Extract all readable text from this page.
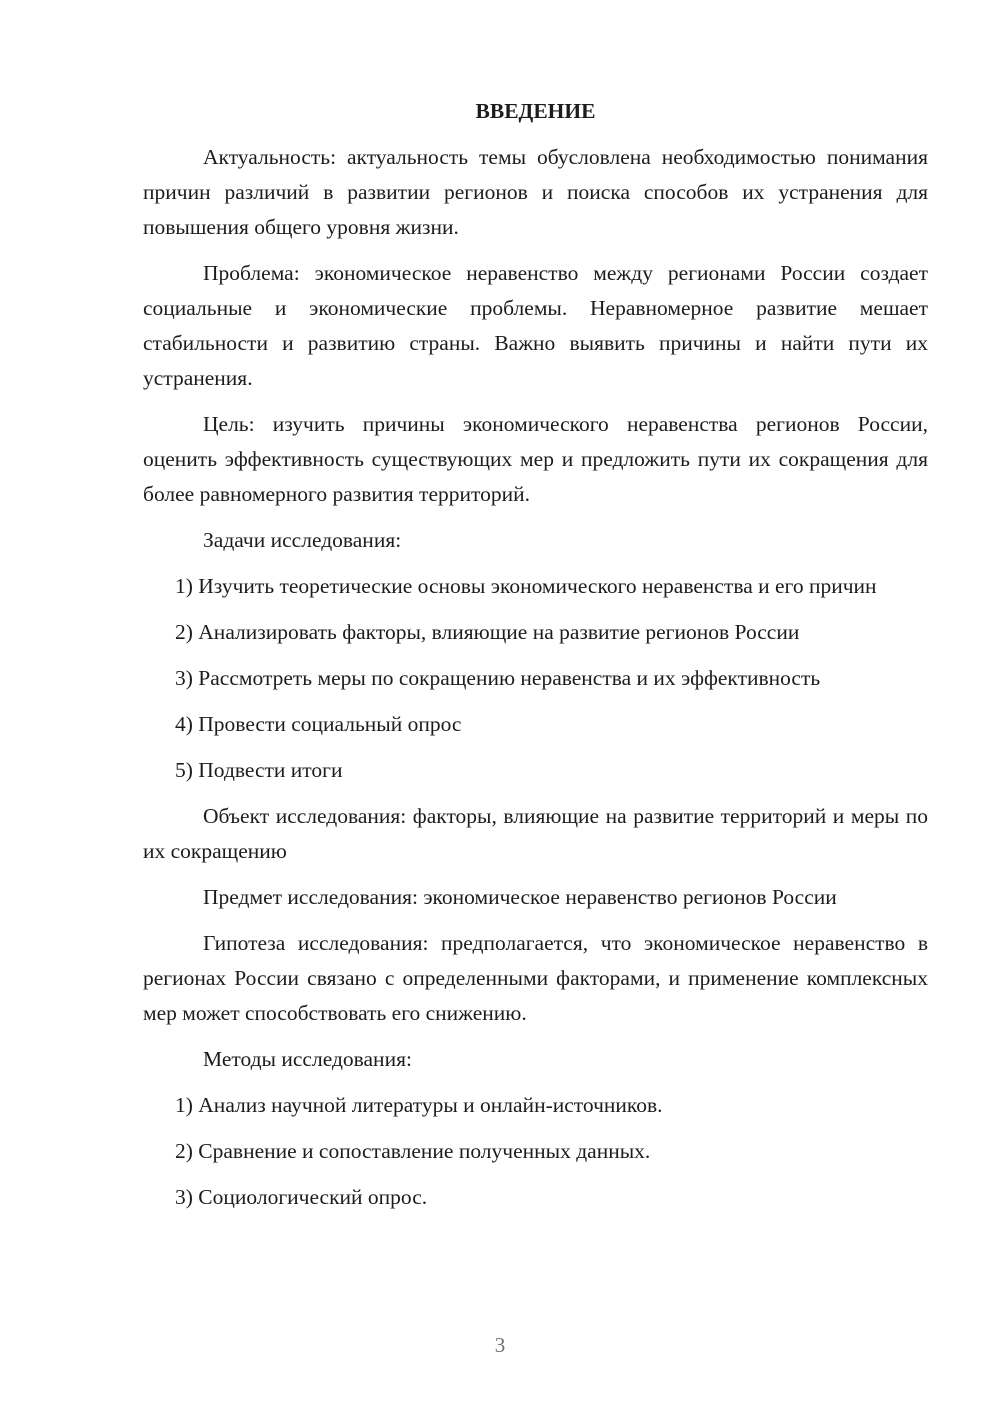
ВВЕДЕНИЕ

Актуальность: актуальность темы обусловлена необходимостью понимания причин различий в развитии регионов и поиска способов их устранения для повышения общего уровня жизни.

Проблема: экономическое неравенство между регионами России создает социальные и экономические проблемы. Неравномерное развитие мешает стабильности и развитию страны. Важно выявить причины и найти пути их устранения.

Цель: изучить причины экономического неравенства регионов России, оценить эффективность существующих мер и предложить пути их сокращения для более равномерного развития территорий.

Задачи исследования:

1) Изучить теоретические основы экономического неравенства и его причин

2) Анализировать факторы, влияющие на развитие регионов России

3) Рассмотреть меры по сокращению неравенства и их эффективность

4) Провести социальный опрос

5) Подвести итоги

Объект исследования: факторы, влияющие на развитие территорий и меры по их сокращению

Предмет исследования: экономическое неравенство регионов России

Гипотеза исследования: предполагается, что экономическое неравенство в регионах России связано с определенными факторами, и применение комплексных мер может способствовать его снижению.

Методы исследования:

1) Анализ научной литературы и онлайн-источников.

2) Сравнение и сопоставление полученных данных.

3) Социологический опрос.

3
